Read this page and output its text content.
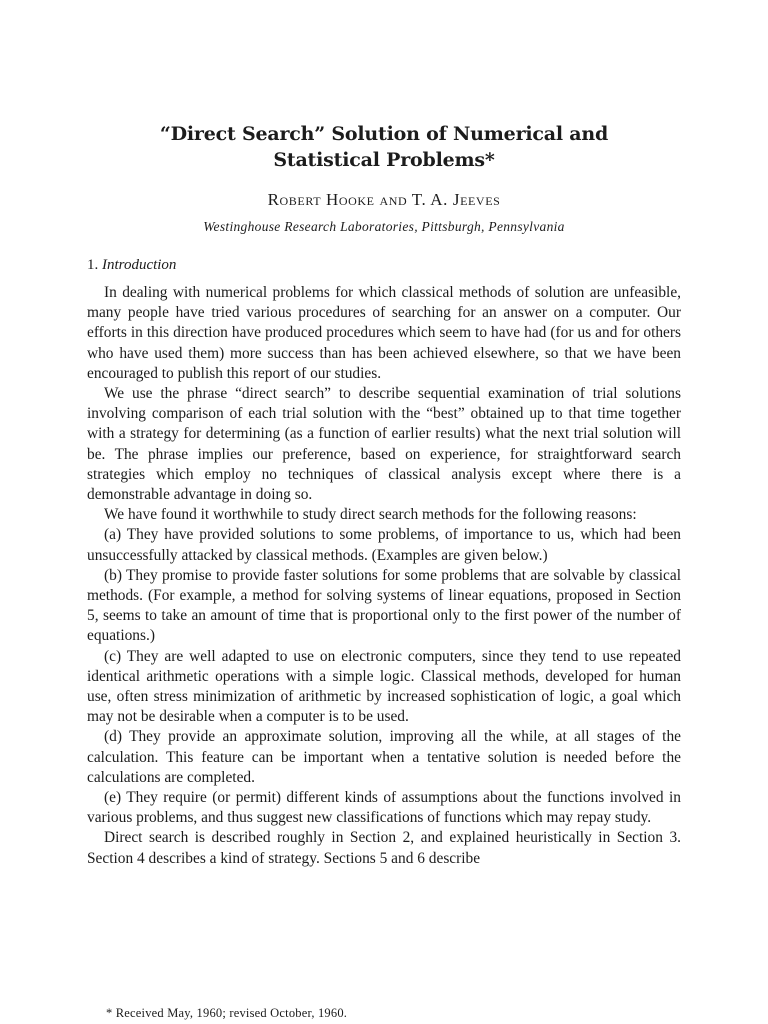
“Direct Search” Solution of Numerical and
Statistical Problems*
Robert Hooke and T. A. Jeeves
Westinghouse Research Laboratories, Pittsburgh, Pennsylvania
1. Introduction

In dealing with numerical problems for which classical methods of solution are unfeasible, many people have tried various procedures of searching for an answer on a computer. Our efforts in this direction have produced procedures which seem to have had (for us and for others who have used them) more success than has been achieved elsewhere, so that we have been encouraged to publish this report of our studies.

We use the phrase “direct search” to describe sequential examination of trial solutions involving comparison of each trial solution with the “best” obtained up to that time together with a strategy for determining (as a function of earlier results) what the next trial solution will be. The phrase implies our preference, based on experience, for straightforward search strategies which employ no techniques of classical analysis except where there is a demonstrable advantage in doing so.

We have found it worthwhile to study direct search methods for the following reasons:

(a) They have provided solutions to some problems, of importance to us, which had been unsuccessfully attacked by classical methods. (Examples are given below.)

(b) They promise to provide faster solutions for some problems that are solvable by classical methods. (For example, a method for solving systems of linear equations, proposed in Section 5, seems to take an amount of time that is proportional only to the first power of the number of equations.)

(c) They are well adapted to use on electronic computers, since they tend to use repeated identical arithmetic operations with a simple logic. Classical methods, developed for human use, often stress minimization of arithmetic by increased sophistication of logic, a goal which may not be desirable when a computer is to be used.

(d) They provide an approximate solution, improving all the while, at all stages of the calculation. This feature can be important when a tentative solution is needed before the calculations are completed.

(e) They require (or permit) different kinds of assumptions about the functions involved in various problems, and thus suggest new classifications of functions which may repay study.

Direct search is described roughly in Section 2, and explained heuristically in Section 3. Section 4 describes a kind of strategy. Sections 5 and 6 describe

* Received May, 1960; revised October, 1960.
